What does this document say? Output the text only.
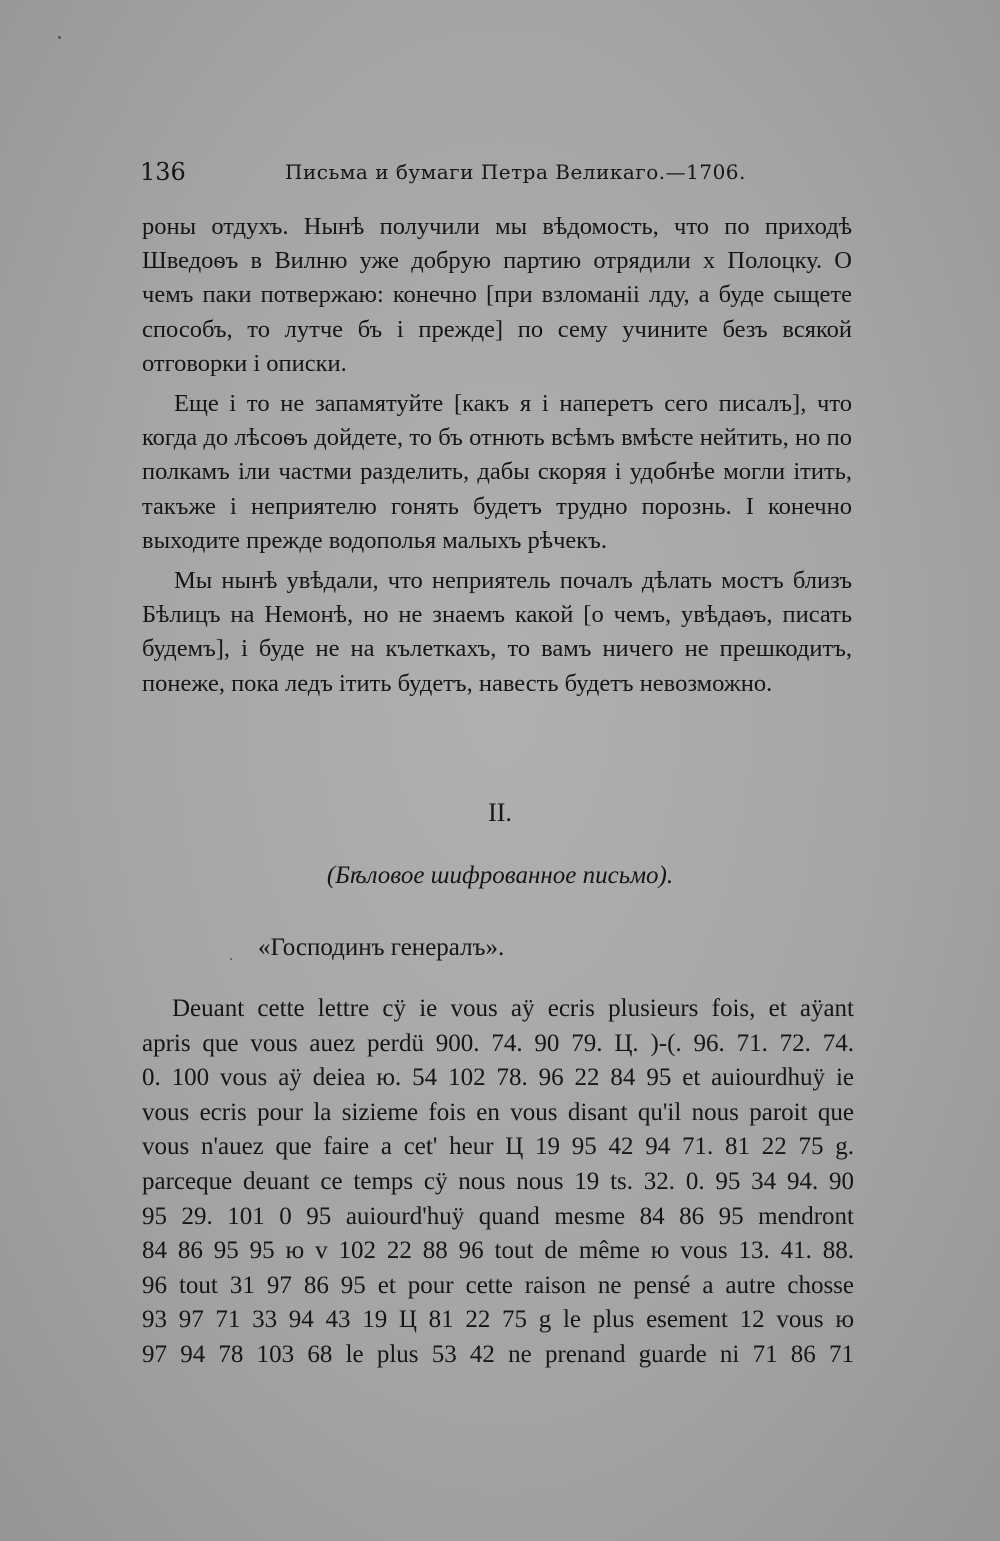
136	Письма и бумаги Петра Великаго.—1706.

роны отдухъ. Нынѣ получили мы вѣдомость, что по приходѣ Шведоѳъ в Вилню уже добрую партию отрядили х Полоцку. О чемъ паки потвержаю: конечно [при взломанiі лду, а буде сыщете способъ, то лутче бъ і прежде] по сему учините безъ всякой отговорки і описки.

Еще і то не запамятуйте [какъ я і наперетъ сего писалъ], что когда до лѣсоѳъ дойдете, то бъ отнють всѣмъ вмѣсте нейтить, но по полкамъ iли частми разделить, дабы скоряя і удобнѣе могли ітить, такъже і неприятелю гонять будетъ трудно порознь. I конечно выходите прежде водополья малыхъ рѣчекъ.

Мы нынѣ увѣдали, что неприятель почалъ дѣлать мостъ близъ Бѣлицъ на Немонѣ, но не знаемъ какой [о чемъ, увѣдаѳъ, писать будемъ], і буде не на кълеткахъ, то вамъ ничего не прешкодитъ, понеже, пока ледъ ітить будетъ, навесть будетъ невозможно.

II.
(Бѣловое шифрованное письмо).
«Господинъ генералъ».
Deuant cette lettre cÿ ie vous aÿ ecris plusieurs fois, et aÿant
apris que vous auez perdü 900. 74. 90 79. Ц. )-(. 96. 71. 72. 74.
0. 100 vous aÿ deiea ю. 54 102 78. 96 22 84 95 et auiourdhuÿ ie
vous ecris pour la sizieme fois en vous disant qu'il nous paroit que
vous n'auez que faire a cet' heur Ц 19 95 42 94 71. 81 22 75 g.
parceque deuant ce temps cÿ nous nous 19 ts. 32. 0. 95 34 94. 90
95 29. 101 0 95 auiourd'huÿ quand mesme 84 86 95 mendront
84 86 95 95 ю v 102 22 88 96 tout de même ю vous 13. 41. 88.
96 tout 31 97 86 95 et pour cette raison ne pensé a autre chosse
93 97 71 33 94 43 19 Ц 81 22 75 g le plus esement 12 vous ю
97 94 78 103 68 le plus 53 42 ne prenand guarde ni 71 86 71
